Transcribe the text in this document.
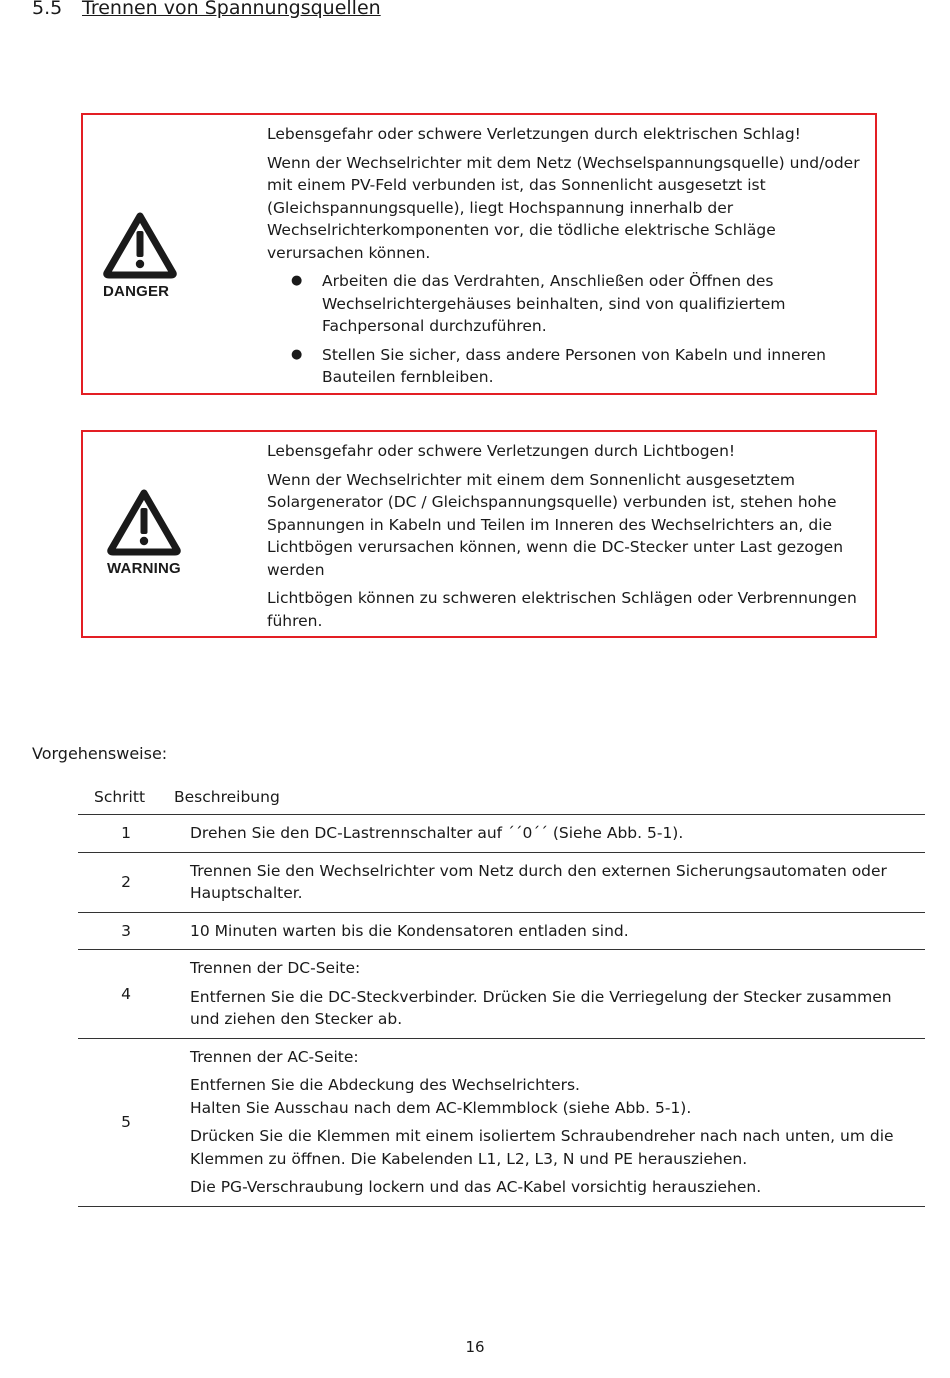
5.5 Trennen von Spannungsquellen
DANGER

Lebensgefahr oder schwere Verletzungen durch elektrischen Schlag!

Wenn der Wechselrichter mit dem Netz (Wechselspannungsquelle) und/oder mit einem PV-Feld verbunden ist, das Sonnenlicht ausgesetzt ist (Gleichspannungsquelle), liegt Hochspannung innerhalb der Wechselrichterkomponenten vor, die tödliche elektrische Schläge verursachen können.

● Arbeiten die das Verdrahten, Anschließen oder Öffnen des Wechselrichtergehäuses beinhalten, sind von qualifiziertem Fachpersonal durchzuführen.
● Stellen Sie sicher, dass andere Personen von Kabeln und inneren Bauteilen fernbleiben.
WARNING

Lebensgefahr oder schwere Verletzungen durch Lichtbogen!

Wenn der Wechselrichter mit einem dem Sonnenlicht ausgesetztem Solargenerator (DC / Gleichspannungsquelle) verbunden ist, stehen hohe Spannungen in Kabeln und Teilen im Inneren des Wechselrichters an, die Lichtbögen verursachen können, wenn die DC-Stecker unter Last gezogen werden

Lichtbögen können zu schweren elektrischen Schlägen oder Verbrennungen führen.

Vorgehensweise:
Schritt	Beschreibung
1	Drehen Sie den DC-Lastrennschalter auf ´´0´´ (Siehe Abb. 5-1).

2	Trennen Sie den Wechselrichter vom Netz durch den externen Sicherungsautomaten oder Hauptschalter.

3	10 Minuten warten bis die Kondensatoren entladen sind.

4	Trennen der DC-Seite:

Entfernen Sie die DC-Steckverbinder. Drücken Sie die Verriegelung der Stecker zusammen und ziehen den Stecker ab.

5	Trennen der AC-Seite:

Entfernen Sie die Abdeckung des Wechselrichters.
Halten Sie Ausschau nach dem AC-Klemmblock (siehe Abb. 5-1).

Drücken Sie die Klemmen mit einem isoliertem Schraubendreher nach nach unten, um die Klemmen zu öffnen. Die Kabelenden L1, L2, L3, N und PE herausziehen.

Die PG-Verschraubung lockern und das AC-Kabel vorsichtig herausziehen.

16
